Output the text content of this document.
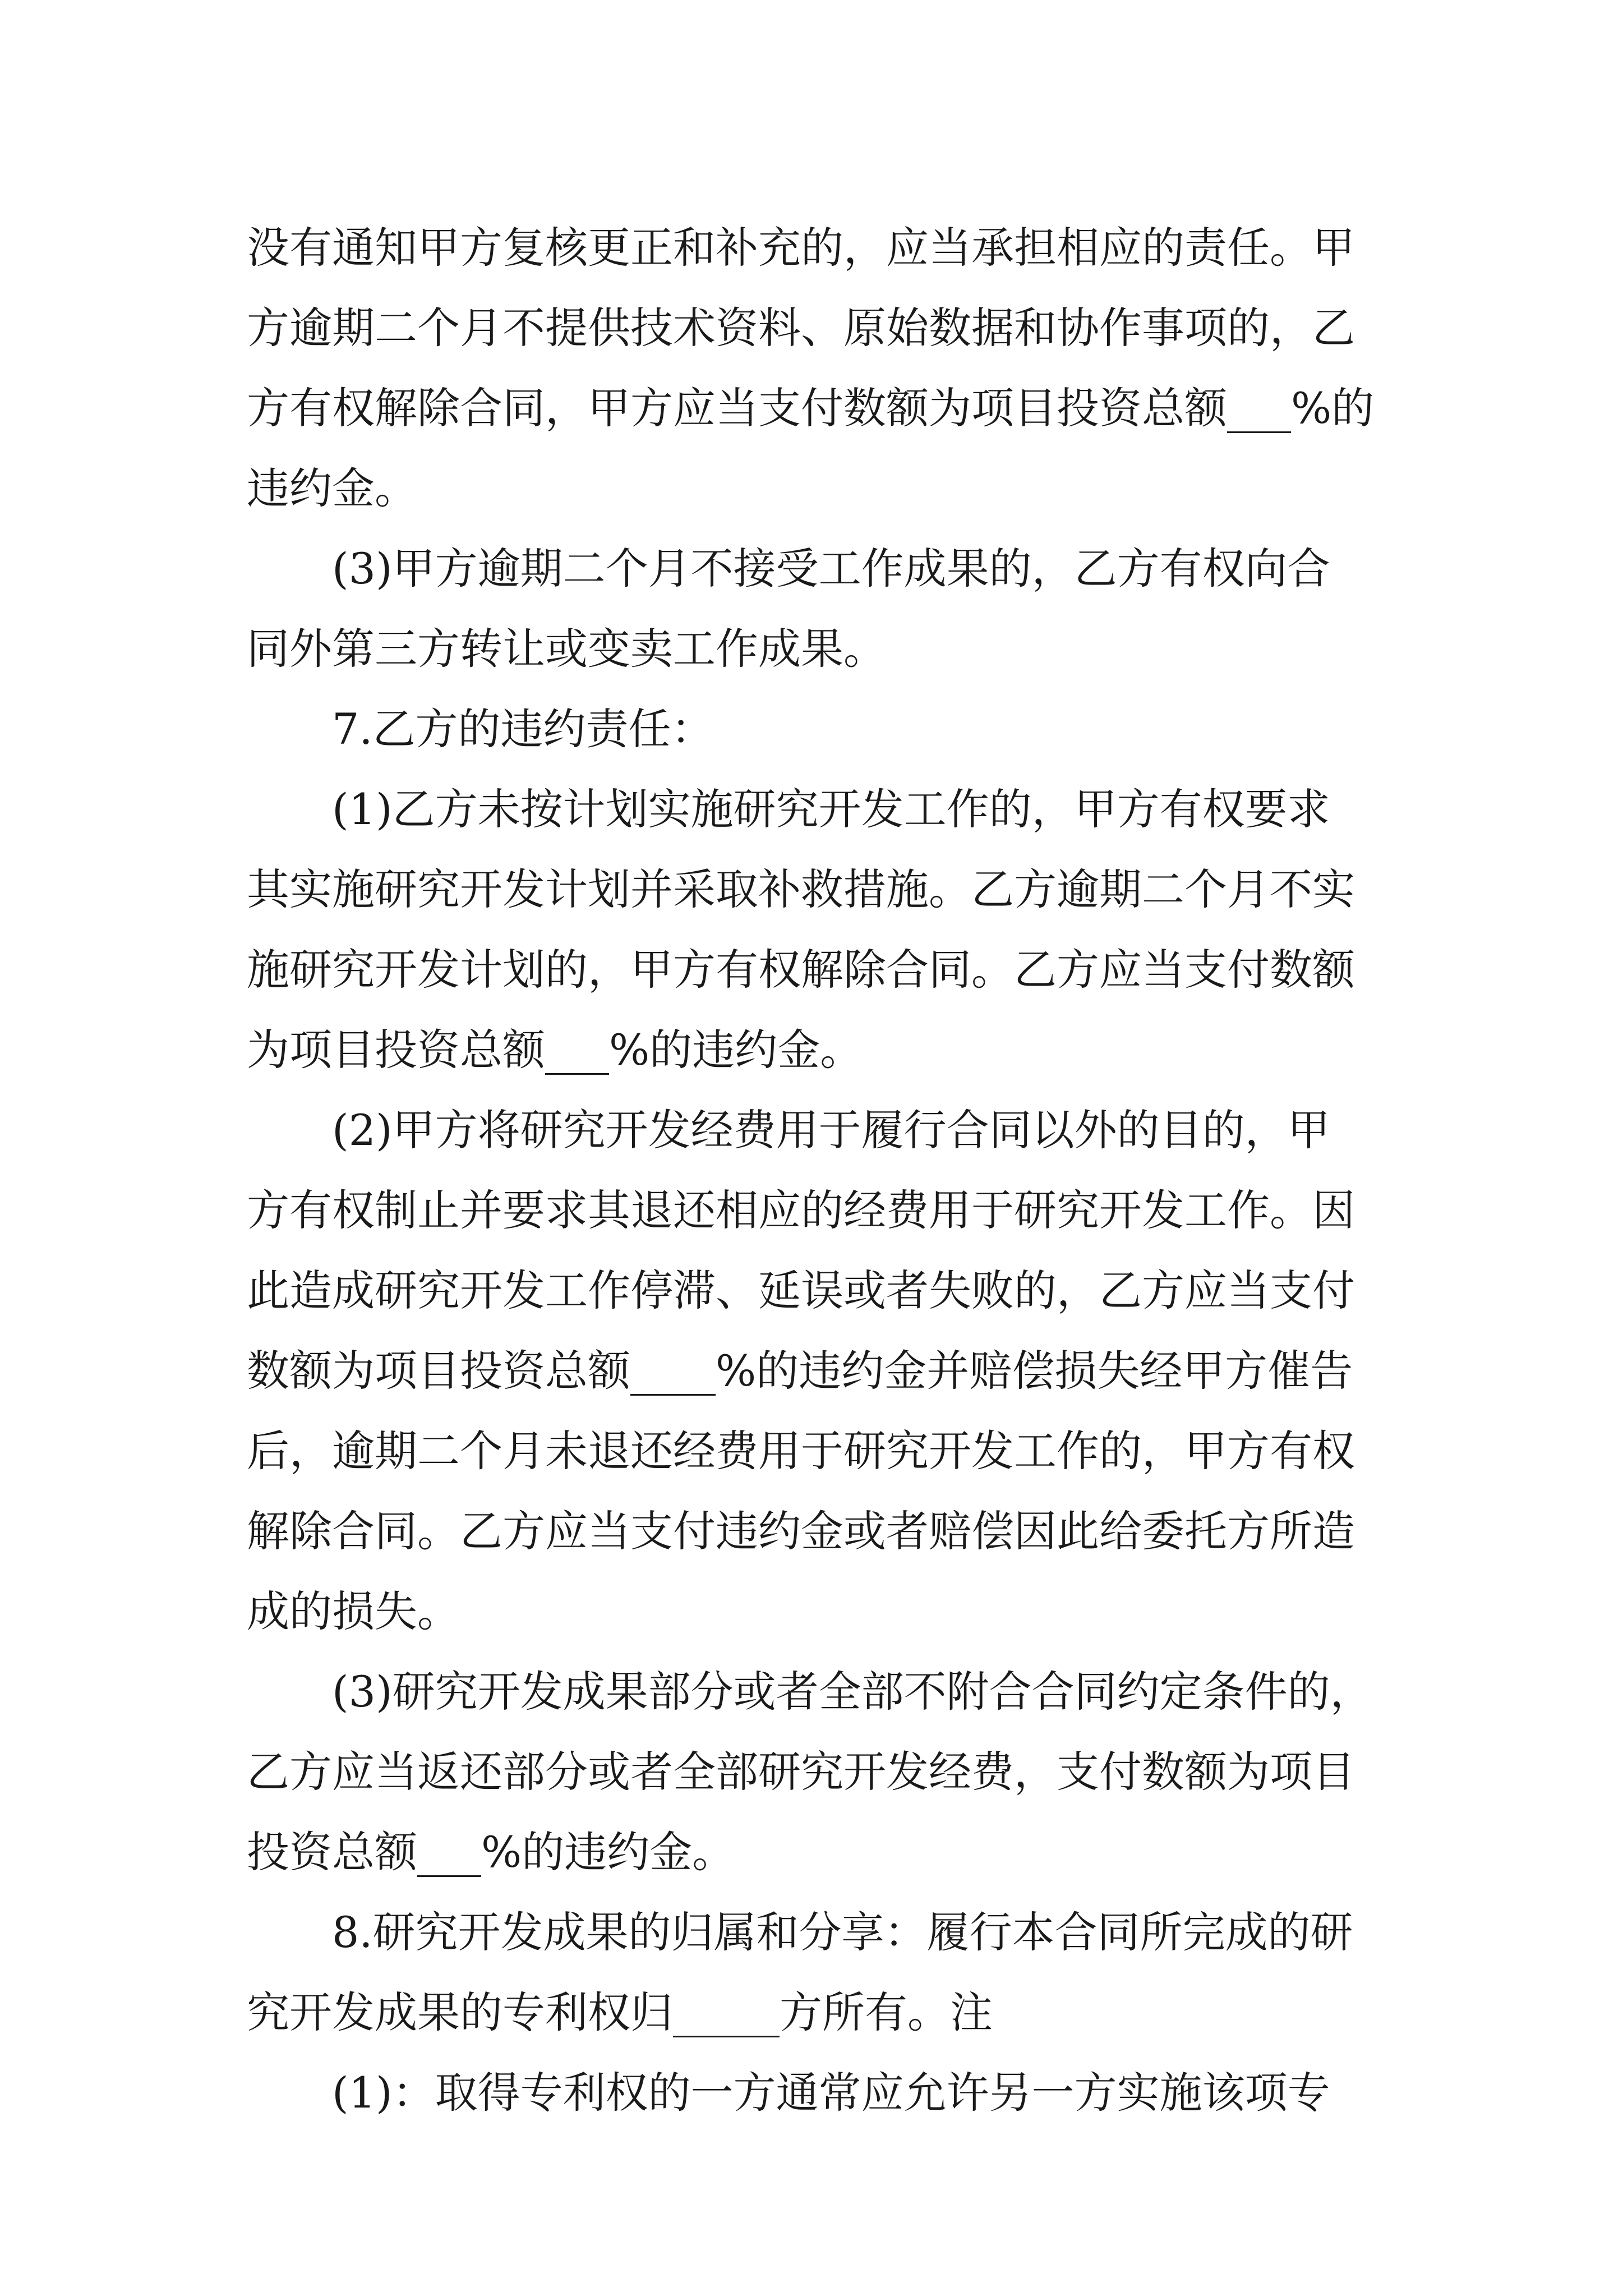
没有通知甲方复核更正和补充的，应当承担相应的责任。甲
方逾期二个月不提供技术资料、原始数据和协作事项的，乙
方有权解除合同，甲方应当支付数额为项目投资总额___%的
违约金。
(3)甲方逾期二个月不接受工作成果的，乙方有权向合
同外第三方转让或变卖工作成果。
7.乙方的违约责任：
(1)乙方未按计划实施研究开发工作的，甲方有权要求
其实施研究开发计划并采取补救措施。乙方逾期二个月不实
施研究开发计划的，甲方有权解除合同。乙方应当支付数额
为项目投资总额___%的违约金。
(2)甲方将研究开发经费用于履行合同以外的目的，甲
方有权制止并要求其退还相应的经费用于研究开发工作。因
此造成研究开发工作停滞、延误或者失败的，乙方应当支付
数额为项目投资总额____%的违约金并赔偿损失经甲方催告
后，逾期二个月未退还经费用于研究开发工作的，甲方有权
解除合同。乙方应当支付违约金或者赔偿因此给委托方所造
成的损失。
(3)研究开发成果部分或者全部不附合合同约定条件的，
乙方应当返还部分或者全部研究开发经费，支付数额为项目
投资总额___%的违约金。
8.研究开发成果的归属和分享：履行本合同所完成的研
究开发成果的专利权归_____方所有。注
(1)：取得专利权的一方通常应允许另一方实施该项专
